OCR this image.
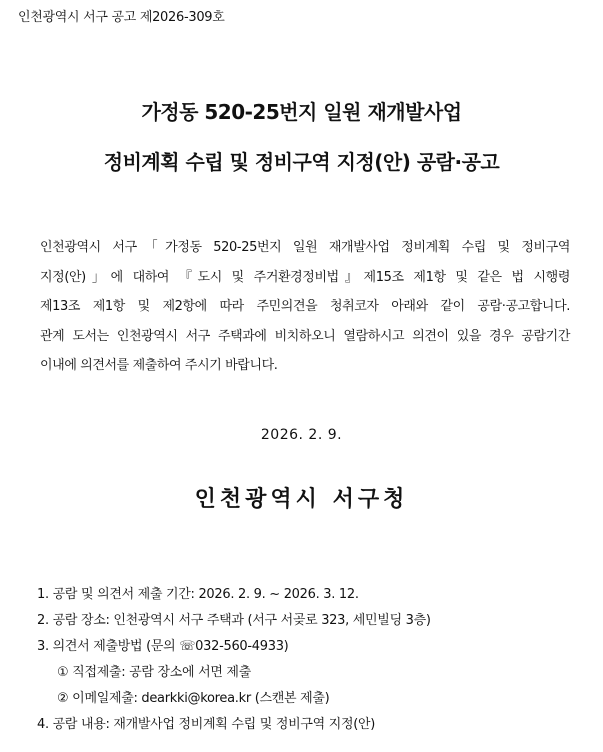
인천광역시 서구 공고 제2026-309호
가정동 520-25번지 일원 재개발사업
정비계획 수립 및 정비구역 지정(안) 공람·공고
인천광역시 서구「가정동 520-25번지 일원 재개발사업 정비계획 수립 및 정비구역
지정(안)」에 대하여 『도시 및 주거환경정비법』제15조 제1항 및 같은 법 시행령
제13조 제1항 및 제2항에 따라 주민의견을 청취코자 아래와 같이 공람·공고합니다.
관계 도서는 인천광역시 서구 주택과에 비치하오니 열람하시고 의견이 있을 경우 공람기간
이내에 의견서를 제출하여 주시기 바랍니다.
2026. 2. 9.
인천광역시 서구청
1. 공람 및 의견서 제출 기간: 2026. 2. 9. ~ 2026. 3. 12.
2. 공람 장소: 인천광역시 서구 주택과 (서구 서곶로 323, 세민빌딩 3층)
3. 의견서 제출방법 (문의 ☏032-560-4933)
① 직접제출: 공람 장소에 서면 제출
② 이메일제출: dearkki@korea.kr (스캔본 제출)
4. 공람 내용: 재개발사업 정비계획 수립 및 정비구역 지정(안)
